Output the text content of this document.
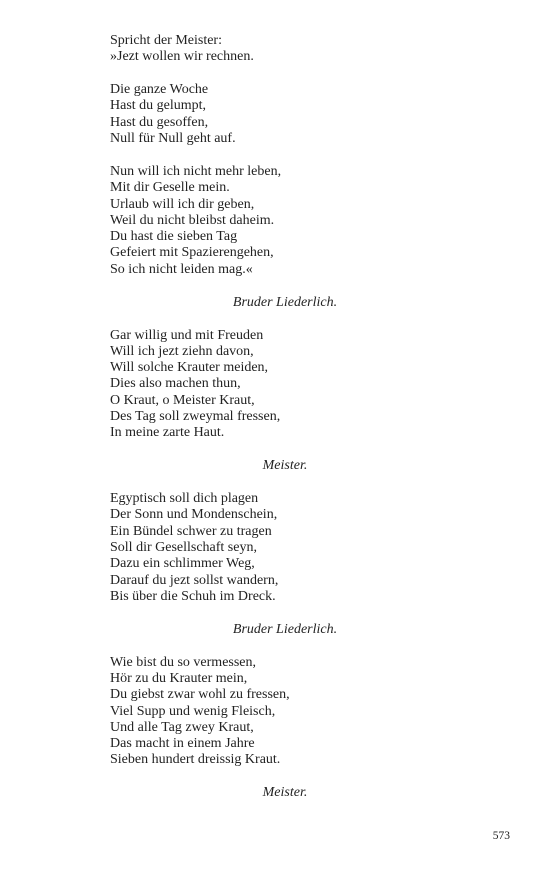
Spricht der Meister:
»Jezt wollen wir rechnen.
Die ganze Woche
Hast du gelumpt,
Hast du gesoffen,
Null für Null geht auf.
Nun will ich nicht mehr leben,
Mit dir Geselle mein.
Urlaub will ich dir geben,
Weil du nicht bleibst daheim.
Du hast die sieben Tag
Gefeiert mit Spazierengehen,
So ich nicht leiden mag.«
Bruder Liederlich.
Gar willig und mit Freuden
Will ich jezt ziehn davon,
Will solche Krauter meiden,
Dies also machen thun,
O Kraut, o Meister Kraut,
Des Tag soll zweymal fressen,
In meine zarte Haut.
Meister.
Egyptisch soll dich plagen
Der Sonn und Mondenschein,
Ein Bündel schwer zu tragen
Soll dir Gesellschaft seyn,
Dazu ein schlimmer Weg,
Darauf du jezt sollst wandern,
Bis über die Schuh im Dreck.
Bruder Liederlich.
Wie bist du so vermessen,
Hör zu du Krauter mein,
Du giebst zwar wohl zu fressen,
Viel Supp und wenig Fleisch,
Und alle Tag zwey Kraut,
Das macht in einem Jahre
Sieben hundert dreissig Kraut.
Meister.
573
